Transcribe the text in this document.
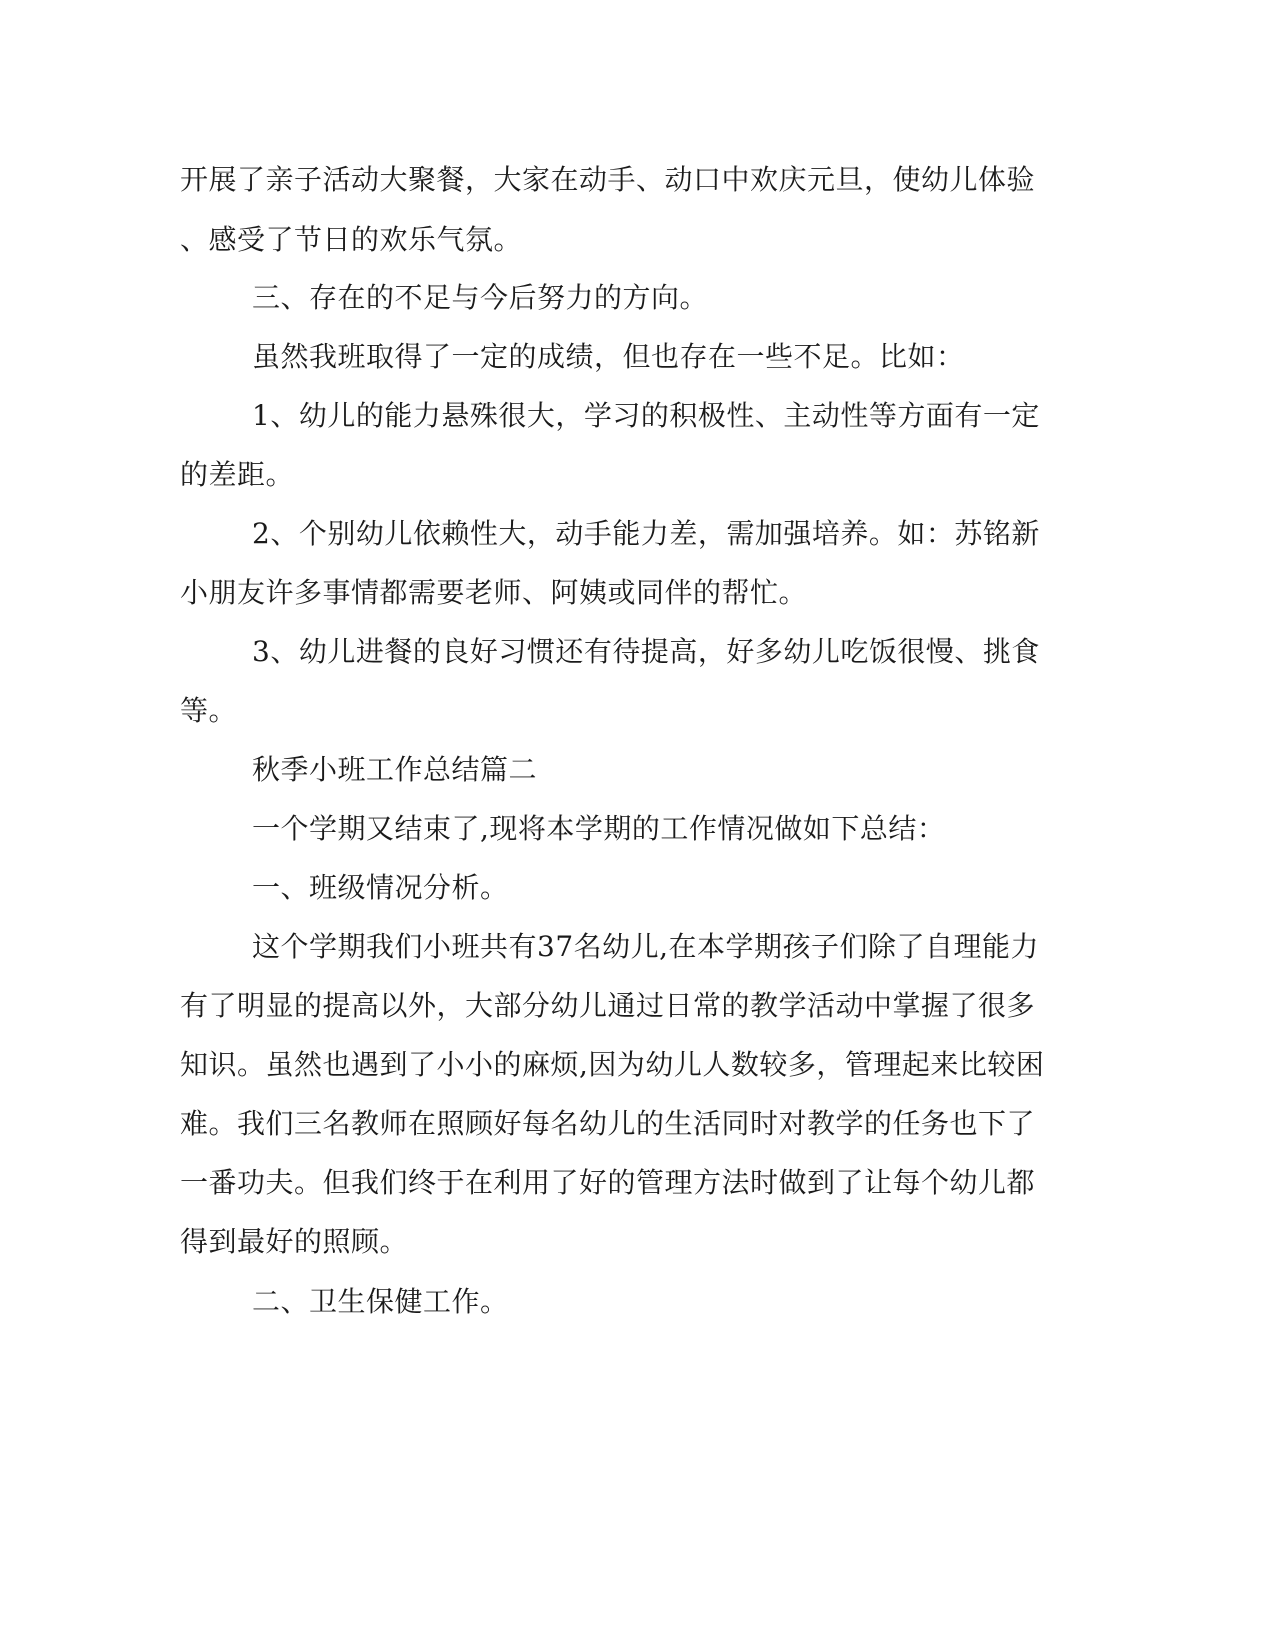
开展了亲子活动大聚餐，大家在动手、动口中欢庆元旦，使幼儿体验
、感受了节日的欢乐气氛。
三、存在的不足与今后努力的方向。
虽然我班取得了一定的成绩，但也存在一些不足。比如：
1、幼儿的能力悬殊很大，学习的积极性、主动性等方面有一定
的差距。
2、个别幼儿依赖性大，动手能力差，需加强培养。如：苏铭新
小朋友许多事情都需要老师、阿姨或同伴的帮忙。
3、幼儿进餐的良好习惯还有待提高，好多幼儿吃饭很慢、挑食
等。
秋季小班工作总结篇二
一个学期又结束了,现将本学期的工作情况做如下总结：
一、班级情况分析。
这个学期我们小班共有37名幼儿,在本学期孩子们除了自理能力
有了明显的提高以外，大部分幼儿通过日常的教学活动中掌握了很多
知识。虽然也遇到了小小的麻烦,因为幼儿人数较多，管理起来比较困
难。我们三名教师在照顾好每名幼儿的生活同时对教学的任务也下了
一番功夫。但我们终于在利用了好的管理方法时做到了让每个幼儿都
得到最好的照顾。
二、卫生保健工作。
